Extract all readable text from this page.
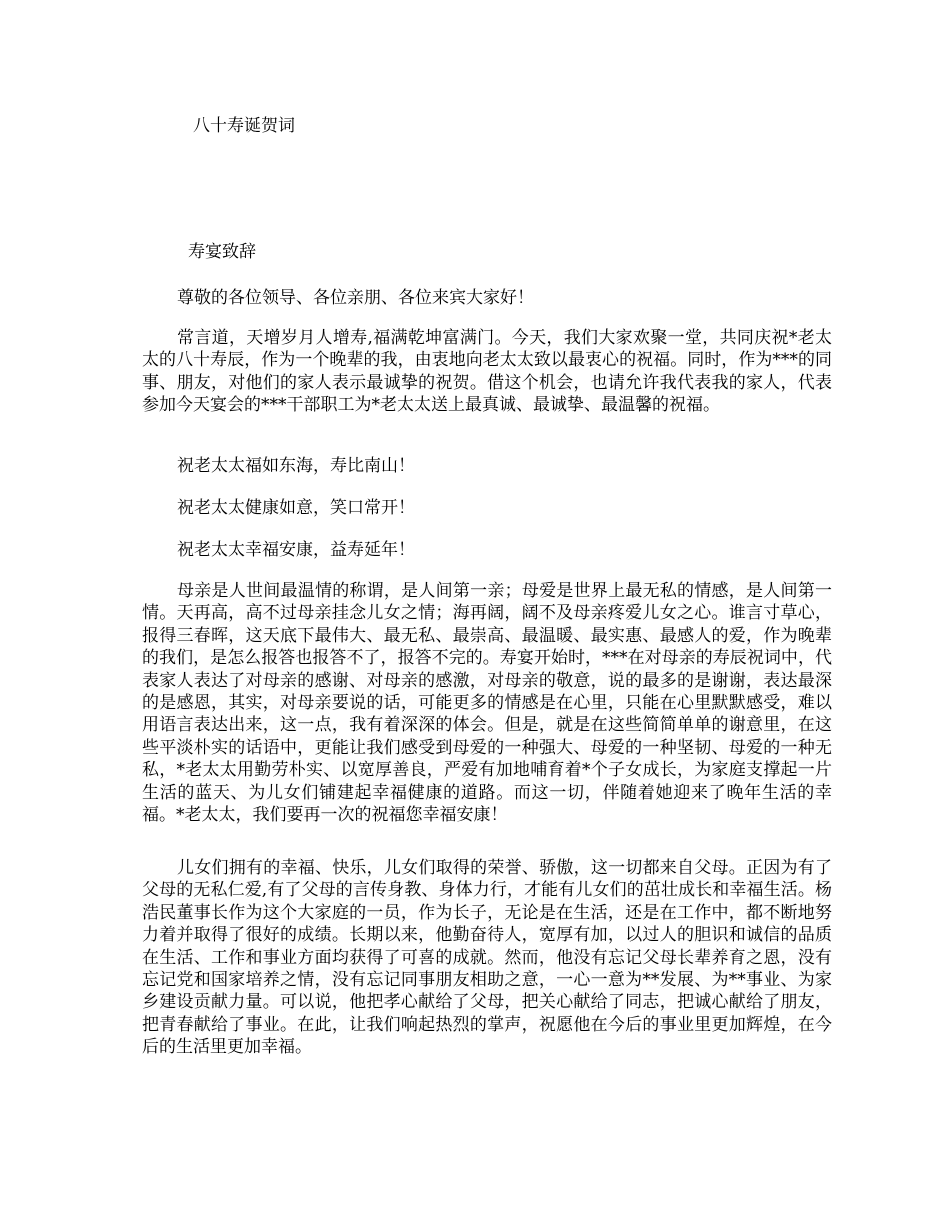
八十寿诞贺词
寿宴致辞
尊敬的各位领导、各位亲朋、各位来宾大家好！

常言道，天增岁月人增寿,福满乾坤富满门。今天，我们大家欢聚一堂，共同庆祝*老太太的八十寿辰，作为一个晚辈的我，由衷地向老太太致以最衷心的祝福。同时，作为***的同事、朋友，对他们的家人表示最诚挚的祝贺。借这个机会，也请允许我代表我的家人，代表参加今天宴会的***干部职工为*老太太送上最真诚、最诚挚、最温馨的祝福。

祝老太太福如东海，寿比南山！
祝老太太健康如意，笑口常开！
祝老太太幸福安康，益寿延年！

母亲是人世间最温情的称谓，是人间第一亲；母爱是世界上最无私的情感，是人间第一情。天再高，高不过母亲挂念儿女之情；海再阔，阔不及母亲疼爱儿女之心。谁言寸草心，报得三春晖，这天底下最伟大、最无私、最崇高、最温暖、最实惠、最感人的爱，作为晚辈的我们，是怎么报答也报答不了，报答不完的。寿宴开始时，***在对母亲的寿辰祝词中，代表家人表达了对母亲的感谢、对母亲的感激，对母亲的敬意，说的最多的是谢谢，表达最深的是感恩，其实，对母亲要说的话，可能更多的情感是在心里，只能在心里默默感受，难以用语言表达出来，这一点，我有着深深的体会。但是，就是在这些简简单单的谢意里，在这些平淡朴实的话语中，更能让我们感受到母爱的一种强大、母爱的一种坚韧、母爱的一种无私，*老太太用勤劳朴实、以宽厚善良，严爱有加地哺育着*个子女成长，为家庭支撑起一片生活的蓝天、为儿女们铺建起幸福健康的道路。而这一切，伴随着她迎来了晚年生活的幸福。*老太太，我们要再一次的祝福您幸福安康！

儿女们拥有的幸福、快乐，儿女们取得的荣誉、骄傲，这一切都来自父母。正因为有了父母的无私仁爱,有了父母的言传身教、身体力行，才能有儿女们的茁壮成长和幸福生活。杨浩民董事长作为这个大家庭的一员，作为长子，无论是在生活，还是在工作中，都不断地努力着并取得了很好的成绩。长期以来，他勤奋待人，宽厚有加，以过人的胆识和诚信的品质在生活、工作和事业方面均获得了可喜的成就。然而，他没有忘记父母长辈养育之恩，没有忘记党和国家培养之情，没有忘记同事朋友相助之意，一心一意为**发展、为**事业、为家乡建设贡献力量。可以说，他把孝心献给了父母，把关心献给了同志，把诚心献给了朋友，把青春献给了事业。在此，让我们响起热烈的掌声，祝愿他在今后的事业里更加辉煌，在今后的生活里更加幸福。
